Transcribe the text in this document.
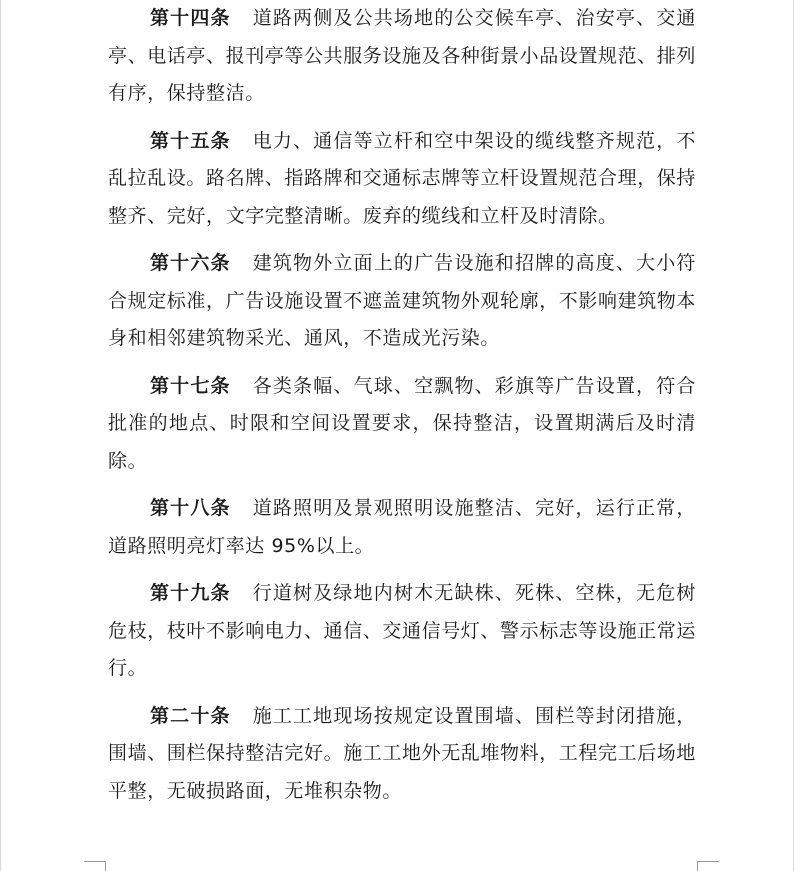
第十四条 道路两侧及公共场地的公交候车亭、治安亭、交通亭、电话亭、报刊亭等公共服务设施及各种街景小品设置规范、排列有序，保持整洁。

第十五条 电力、通信等立杆和空中架设的缆线整齐规范，不乱拉乱设。路名牌、指路牌和交通标志牌等立杆设置规范合理，保持整齐、完好，文字完整清晰。废弃的缆线和立杆及时清除。

第十六条 建筑物外立面上的广告设施和招牌的高度、大小符合规定标准，广告设施设置不遮盖建筑物外观轮廓，不影响建筑物本身和相邻建筑物采光、通风，不造成光污染。

第十七条 各类条幅、气球、空飘物、彩旗等广告设置，符合批准的地点、时限和空间设置要求，保持整洁，设置期满后及时清除。

第十八条 道路照明及景观照明设施整洁、完好，运行正常，道路照明亮灯率达 95%以上。

第十九条 行道树及绿地内树木无缺株、死株、空株，无危树危枝，枝叶不影响电力、通信、交通信号灯、警示标志等设施正常运行。

第二十条 施工工地现场按规定设置围墙、围栏等封闭措施，围墙、围栏保持整洁完好。施工工地外无乱堆物料，工程完工后场地平整，无破损路面，无堆积杂物。
